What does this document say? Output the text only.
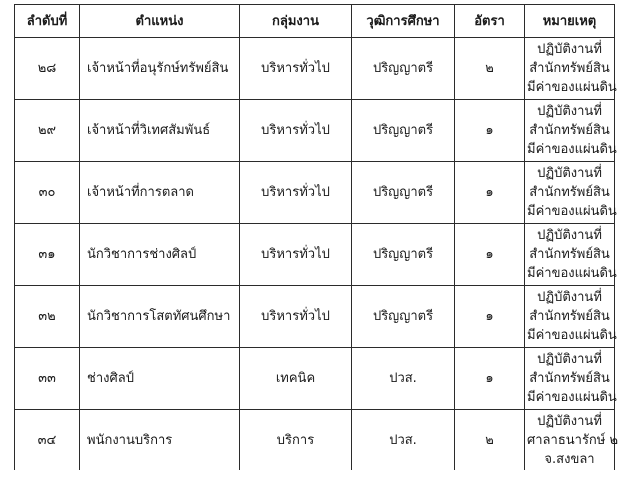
ลำดับที่	ตำแหน่ง	กลุ่มงาน	วุฒิการศึกษา	อัตรา	หมายเหตุ
๒๘	เจ้าหน้าที่อนุรักษ์ทรัพย์สิน	บริหารทั่วไป	ปริญญาตรี	๒	ปฏิบัติงานที่
สำนักทรัพย์สิน
มีค่าของแผ่นดิน

๒๙	เจ้าหน้าที่วิเทศสัมพันธ์	บริหารทั่วไป	ปริญญาตรี	๑	ปฏิบัติงานที่
สำนักทรัพย์สิน
มีค่าของแผ่นดิน

๓๐	เจ้าหน้าที่การตลาด	บริหารทั่วไป	ปริญญาตรี	๑	ปฏิบัติงานที่
สำนักทรัพย์สิน
มีค่าของแผ่นดิน

๓๑	นักวิชาการช่างศิลป์	บริหารทั่วไป	ปริญญาตรี	๑	ปฏิบัติงานที่
สำนักทรัพย์สิน
มีค่าของแผ่นดิน

๓๒	นักวิชาการโสตทัศนศึกษา	บริหารทั่วไป	ปริญญาตรี	๑	ปฏิบัติงานที่
สำนักทรัพย์สิน
มีค่าของแผ่นดิน

๓๓	ช่างศิลป์	เทคนิค	ปวส.	๑	ปฏิบัติงานที่
สำนักทรัพย์สิน
มีค่าของแผ่นดิน

๓๔	พนักงานบริการ	บริการ	ปวส.	๒	ปฏิบัติงานที่
ศาลาธนารักษ์ ๒
จ.สงขลา
